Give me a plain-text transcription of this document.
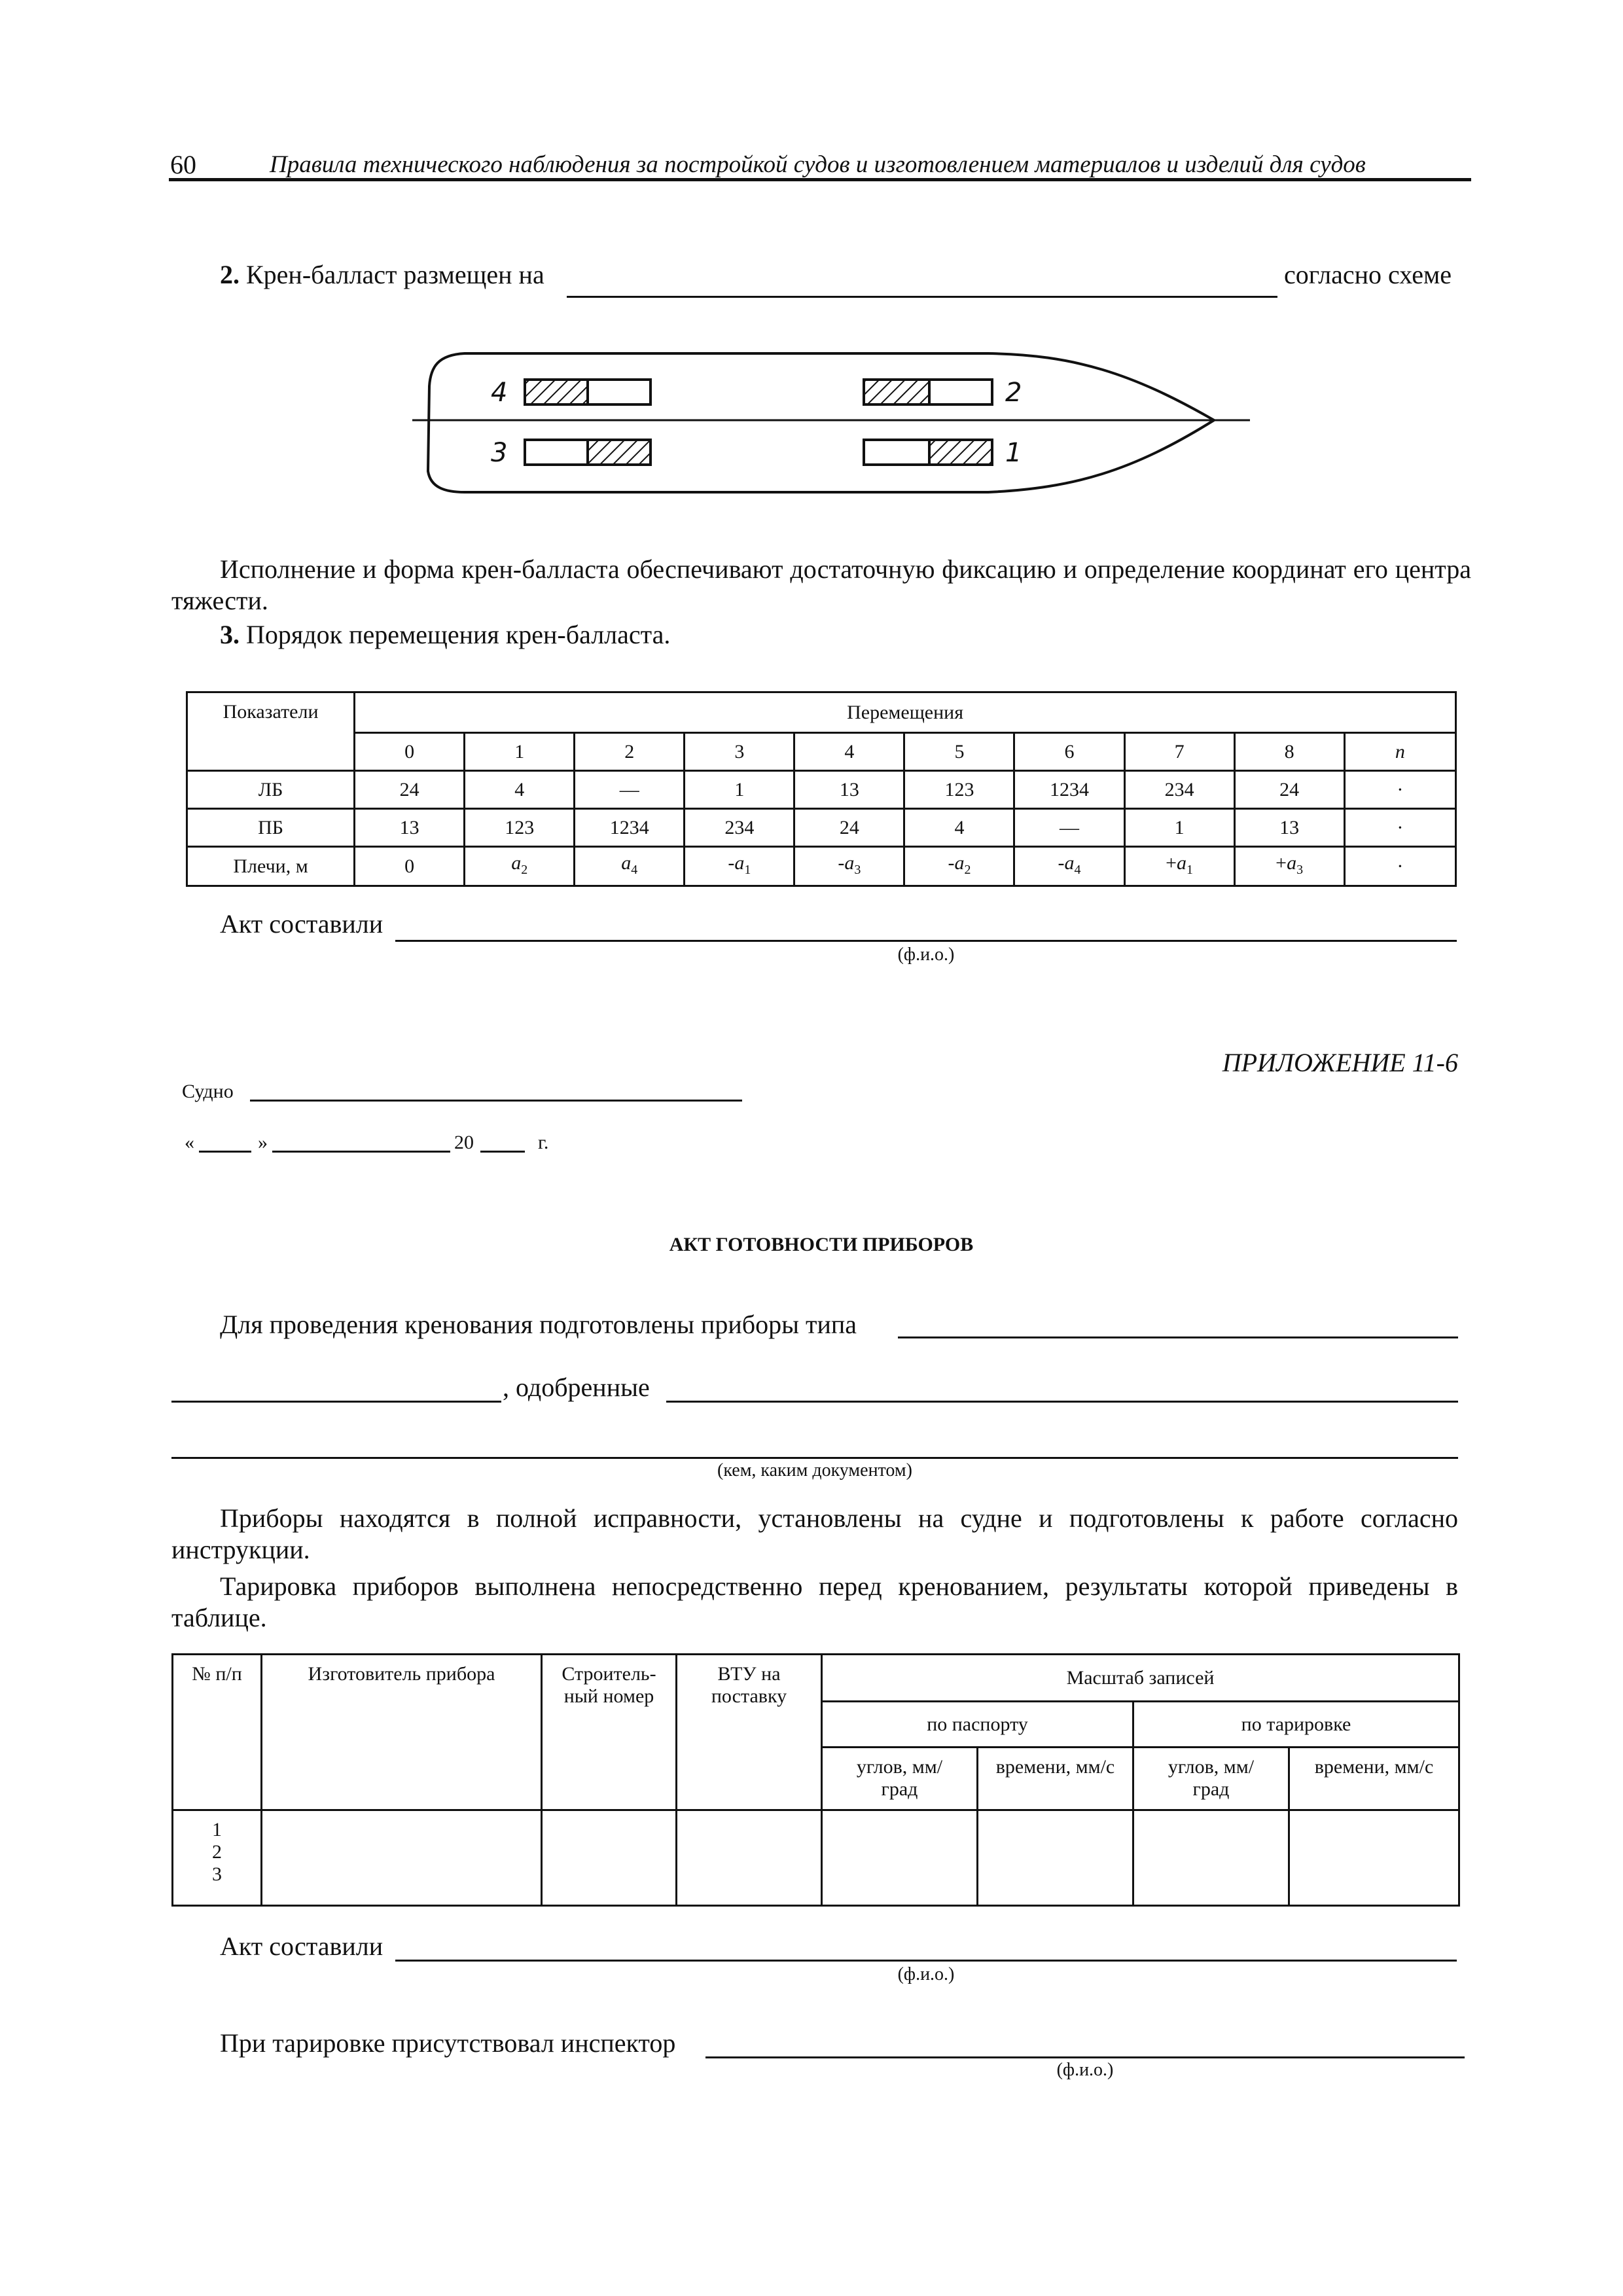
60	Правила технического наблюдения за постройкой судов и изготовлением материалов и изделий для судов
2. Крен-балласт размещен на	согласно схеме
4	2
3	1
Исполнение и форма крен-балласта обеспечивают достаточную фиксацию и определение координат его центра тяжести.
3. Порядок перемещения крен-балласта.
Показатели	Перемещения									
	0	1	2	3	4	5	6	7	8	n
ЛБ	24	4	—	1	13	123	1234	234	24	·
ПБ	13	123	1234	234	24	4	—	1	13	·
Плечи, м	0	$a_2$	$a_4$	$-a_1$	$-a_3$	$-a_2$	$-a_4$	$+a_1$	$+a_3$	·
Акт составили
(ф.и.о.)
ПРИЛОЖЕНИЕ 11-6
Судно
«	»	20	г.
АКТ ГОТОВНОСТИ ПРИБОРОВ
Для проведения кренования подготовлены приборы типа
, одобренные
(кем, каким документом)
Приборы находятся в полной исправности, установлены на судне и подготовлены к работе согласно инструкции.
Тарировка приборов выполнена непосредственно перед кренованием, результаты которой приведены в таблице.
№ п/п	Изготовитель прибора	Строитель-ный номер	ВТУ на поставку	Масштаб записей			
				по паспорту		по тарировке	
				углов, мм/град	времени, мм/с	углов, мм/град	времени, мм/с

1
2
3							

Акт составили
(ф.и.о.)
При тарировке присутствовал инспектор
(ф.и.о.)
